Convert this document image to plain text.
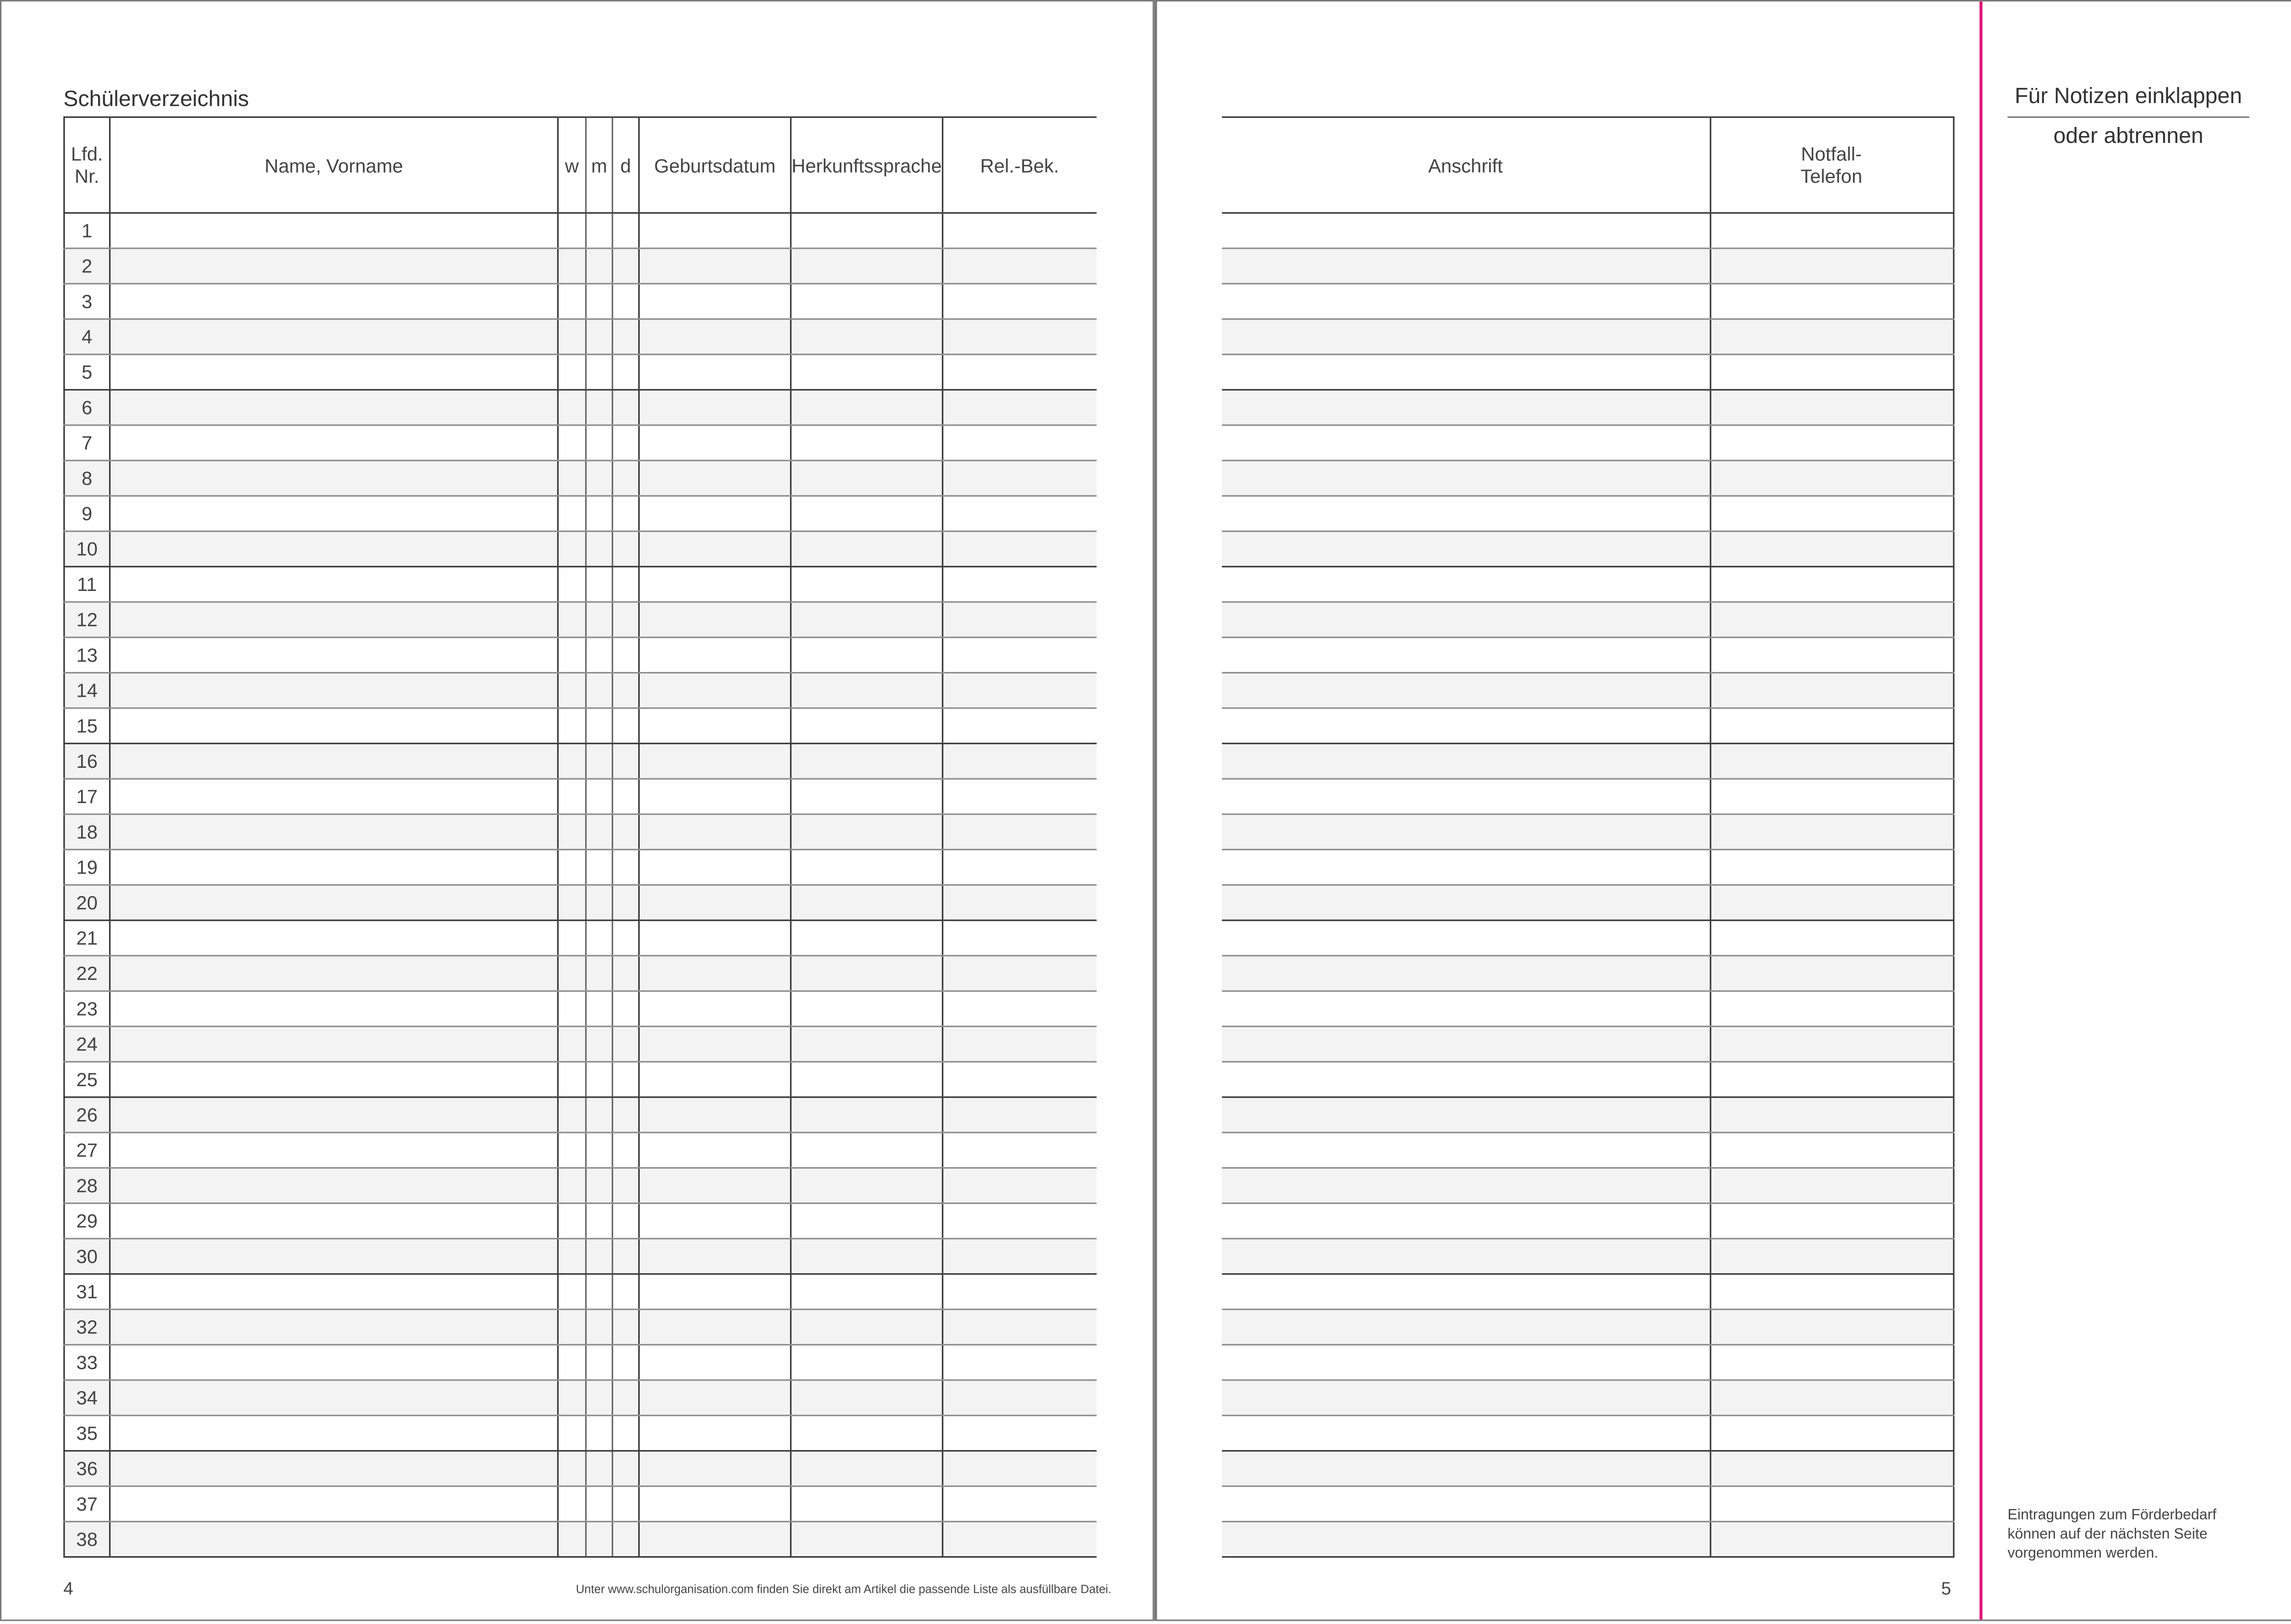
Schülerverzeichnis
Lfd.
Nr.	Name, Vorname	w	m	d	Geburtsdatum	Herkunftssprache	Rel.-Bek.
1							
2							
3							
4							
5							
6							
7							
8							
9							
10							
11							
12							
13							
14							
15							
16							
17							
18							
19							
20							
21							
22							
23							
24							
25							
26							
27							
28							
29							
30							
31							
32							
33							
34							
35							
36							
37							
38							
4	Unter www.schulorganisation.com finden Sie direkt am Artikel die passende Liste als ausfüllbare Datei.
Anschrift	Notfall-
Telefon

5
Für Notizen einklappen
oder abtrennen
Eintragungen zum Förderbedarf können auf der nächsten Seite vorgenommen werden.
